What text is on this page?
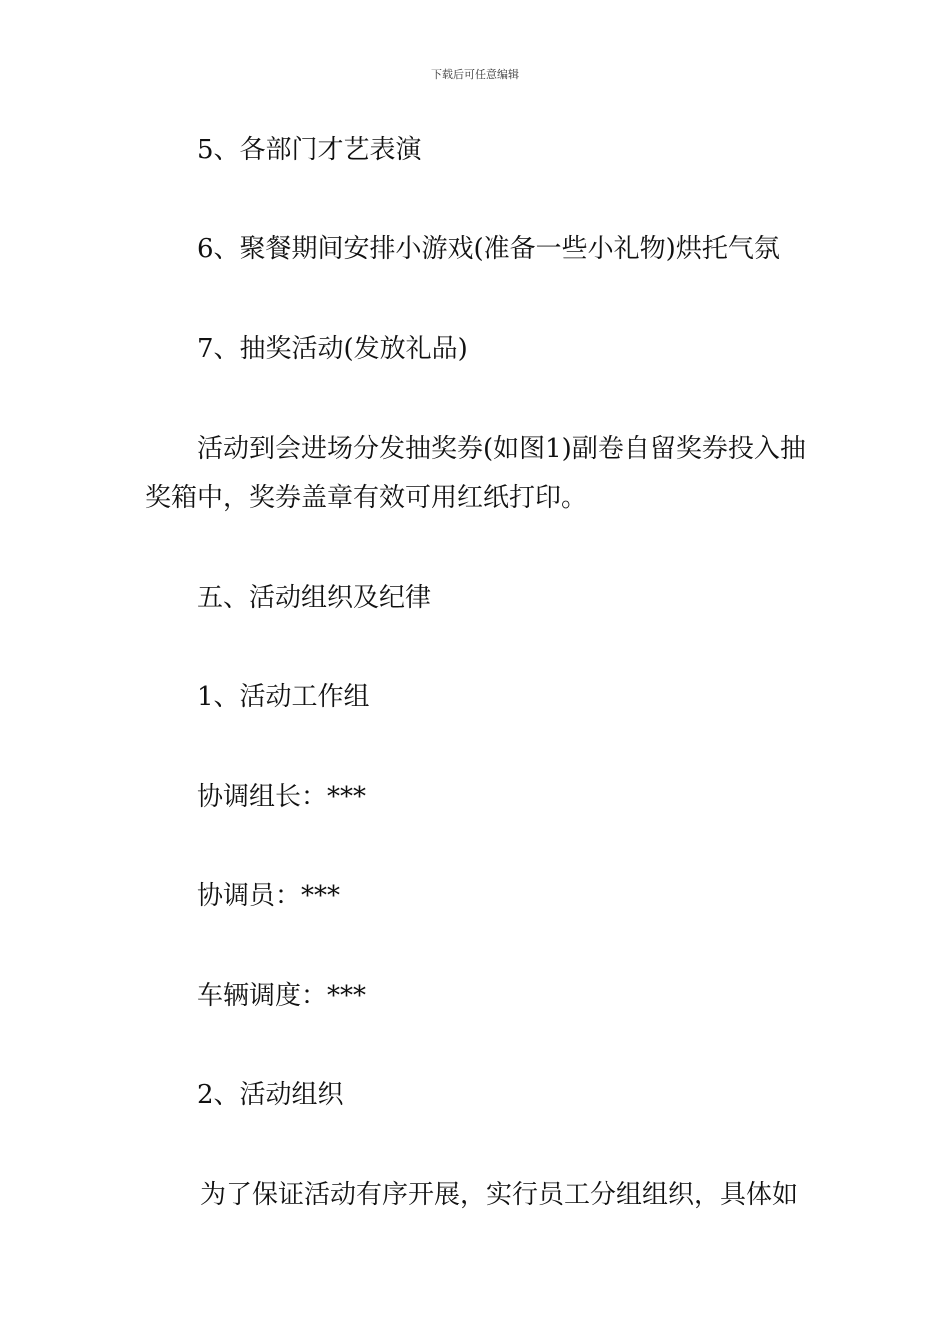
下载后可任意编辑
5、各部门才艺表演
6、聚餐期间安排小游戏(准备一些小礼物)烘托气氛
7、抽奖活动(发放礼品)
活动到会进场分发抽奖券(如图1)副卷自留奖券投入抽
奖箱中，奖券盖章有效可用红纸打印。
五、活动组织及纪律
1、活动工作组
协调组长：***
协调员：***
车辆调度：***
2、活动组织
为了保证活动有序开展，实行员工分组组织，具体如
